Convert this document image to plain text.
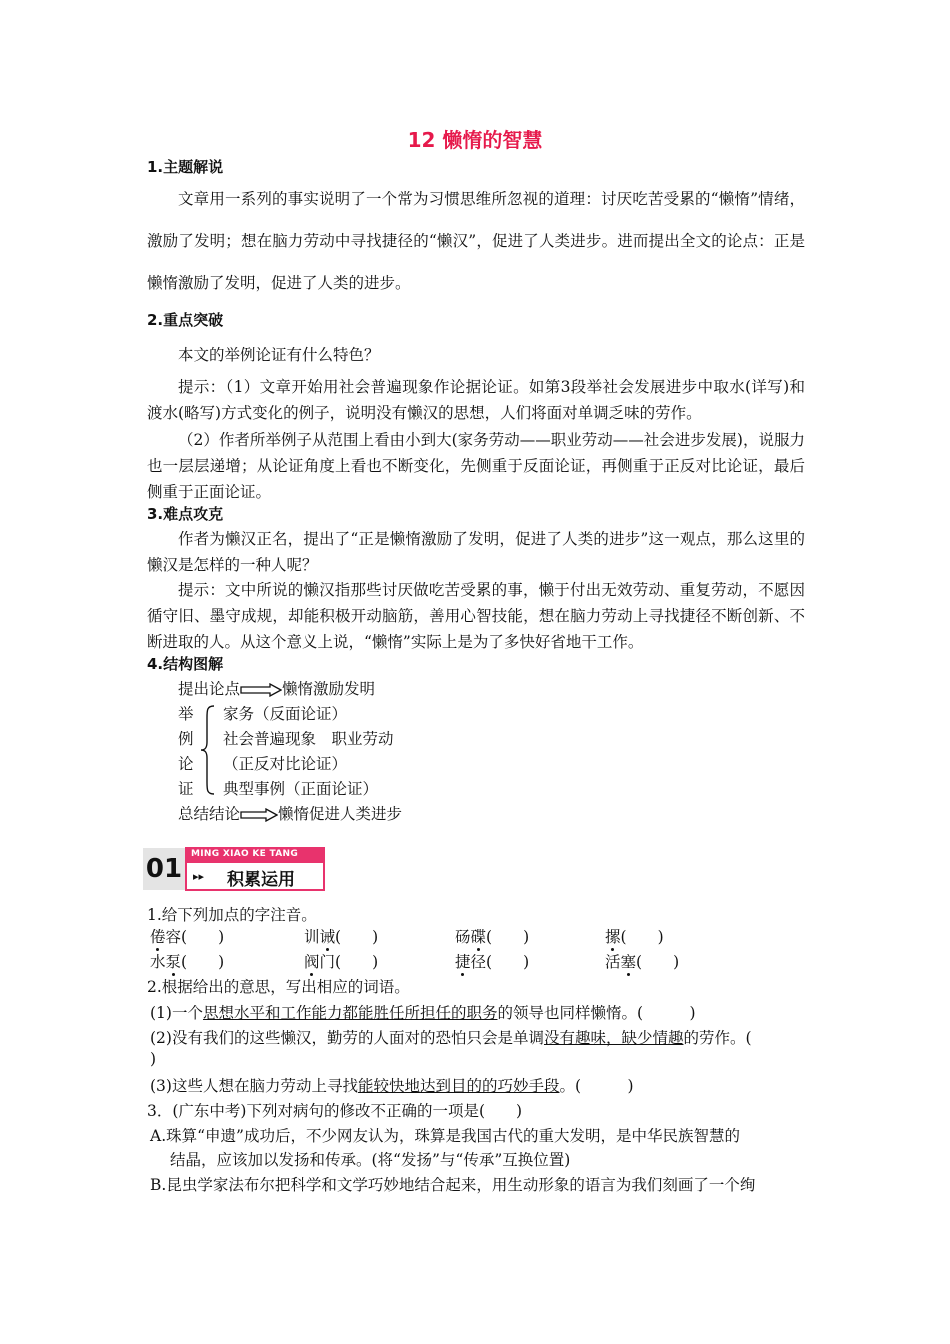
12 懒惰的智慧
1.主题解说
文章用一系列的事实说明了一个常为习惯思维所忽视的道理：讨厌吃苦受累的“懒惰”情绪，激励了发明；想在脑力劳动中寻找捷径的“懒汉”，促进了人类进步。进而提出全文的论点：正是懒惰激励了发明，促进了人类的进步。
2.重点突破
本文的举例论证有什么特色？
提示：（1）文章开始用社会普遍现象作论据论证。如第3段举社会发展进步中取水(详写)和渡水(略写)方式变化的例子，说明没有懒汉的思想，人们将面对单调乏味的劳作。
（2）作者所举例子从范围上看由小到大(家务劳动——职业劳动——社会进步发展)，说服力也一层层递增；从论证角度上看也不断变化，先侧重于反面论证，再侧重于正反对比论证，最后侧重于正面论证。
3.难点攻克
作者为懒汉正名，提出了“正是懒惰激励了发明，促进了人类的进步”这一观点，那么这里的懒汉是怎样的一种人呢？
提示：文中所说的懒汉指那些讨厌做吃苦受累的事，懒于付出无效劳动、重复劳动，不愿因循守旧、墨守成规，却能积极开动脑筋，善用心智技能，想在脑力劳动上寻找捷径不断创新、不断进取的人。从这个意义上说，“懒惰”实际上是为了多快好省地干工作。
4.结构图解
提出论点	懒惰激励发明
举
例
论
证
家务（反面论证）
社会普遍现象　职业劳动
（正反对比论证）
典型事例（正面论证）
总结结论 懒惰促进人类进步
01 MING XIAO KE TANG
▸▸ 积累运用
1.给下列加点的字注音。
倦容(　　)	训诫(　　)	砀碟(　　)	摞(　　)
水泵(　　)	阀门(　　)	捷径(　　)	活塞(　　)
2.根据给出的意思，写出相应的词语。
(1)一个思想水平和工作能力都能胜任所担任的职务的领导也同样懒惰。(　　　)
(2)没有我们的这些懒汉，勤劳的人面对的恐怕只会是单调没有趣味，缺少情趣的劳作。(
)
(3)这些人想在脑力劳动上寻找能较快地达到目的的巧妙手段。(　　　)
3．(广东中考)下列对病句的修改不正确的一项是(　　)
A.珠算“申遗”成功后，不少网友认为，珠算是我国古代的重大发明，是中华民族智慧的
结晶，应该加以发扬和传承。(将“发扬”与“传承”互换位置)
B.昆虫学家法布尔把科学和文学巧妙地结合起来，用生动形象的语言为我们刻画了一个绚
